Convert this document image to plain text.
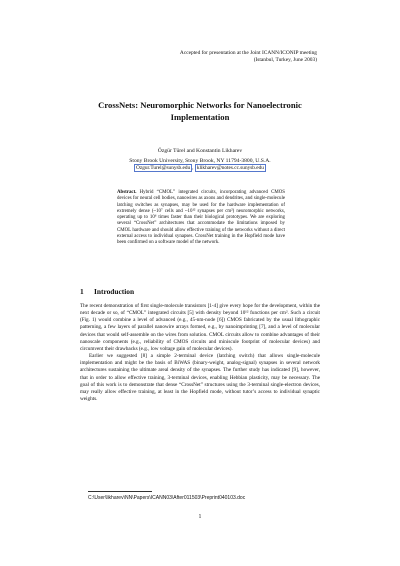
Accepted for presentation at the Joint ICANN/ICONIP meeting
(Istanbul, Turkey, June 2003)
CrossNets: Neuromorphic Networks for Nanoelectronic
Implementation
Özgür Türel and Konstantin Likharev
Stony Brook University, Stony Brook, NY 11794-3800, U.S.A.
Ozgur.Turel@sunysb.edu , klikharev@notes.cc.sunysb.edu

Abstract. Hybrid “CMOL” integrated circuits, incorporating advanced CMOS devices for neural cell bodies, nanowires as axons and dendrites, and single-molecule latching switches as synapses, may be used for the hardware implementation of extremely dense (~10⁷ cells and ~10¹² synapses per cm²) neuromorphic networks, operating up to 10⁶ times faster than their biological prototypes. We are exploring several “CrossNet” architectures that accommodate the limitations imposed by CMOL hardware and should allow effective training of the networks without a direct external access to individual synapses. CrossNet training in the Hopfield mode have been confirmed on a software model of the network.

1 Introduction

The recent demonstration of first single-molecule transistors [1-4] give every hope for the development, within the next decade or so, of “CMOL” integrated circuits [5] with density beyond 10¹² functions per cm². Such a circuit (Fig. 1) would combine a level of advanced (e.g., 45-nm-node [6]) CMOS fabricated by the usual lithographic patterning, a few layers of parallel nanowire arrays formed, e.g., by nanoimprinting [7], and a level of molecular devices that would self-assemble on the wires from solution. CMOL circuits allow to combine advantages of their nanoscale components (e.g., reliability of CMOS circuits and miniscule footprint of molecular devices) and circumvent their drawbacks (e.g., low voltage gain of molecular devices).

Earlier we suggested [8] a simple 2-terminal device (latching switch) that allows single-molecule implementation and might be the basis of BiWAS (binary-weight, analog-signal) synapses in several network architectures sustaining the ultimate areal density of the synapses. The further study has indicated [9], however, that in order to allow effective training, 3-terminal devices, enabling Hebbian plasticity, may be necessary. The goal of this work is to demonstrate that dense “CrossNet” structures using the 3-terminal single-electron devices, may really allow effective training, at least in the Hopfield mode, without tutor’s access to individual synaptic weights.

C:\User\likharev\NN\Papers\ICANN03\After011503\Preprint040103.doc
1
